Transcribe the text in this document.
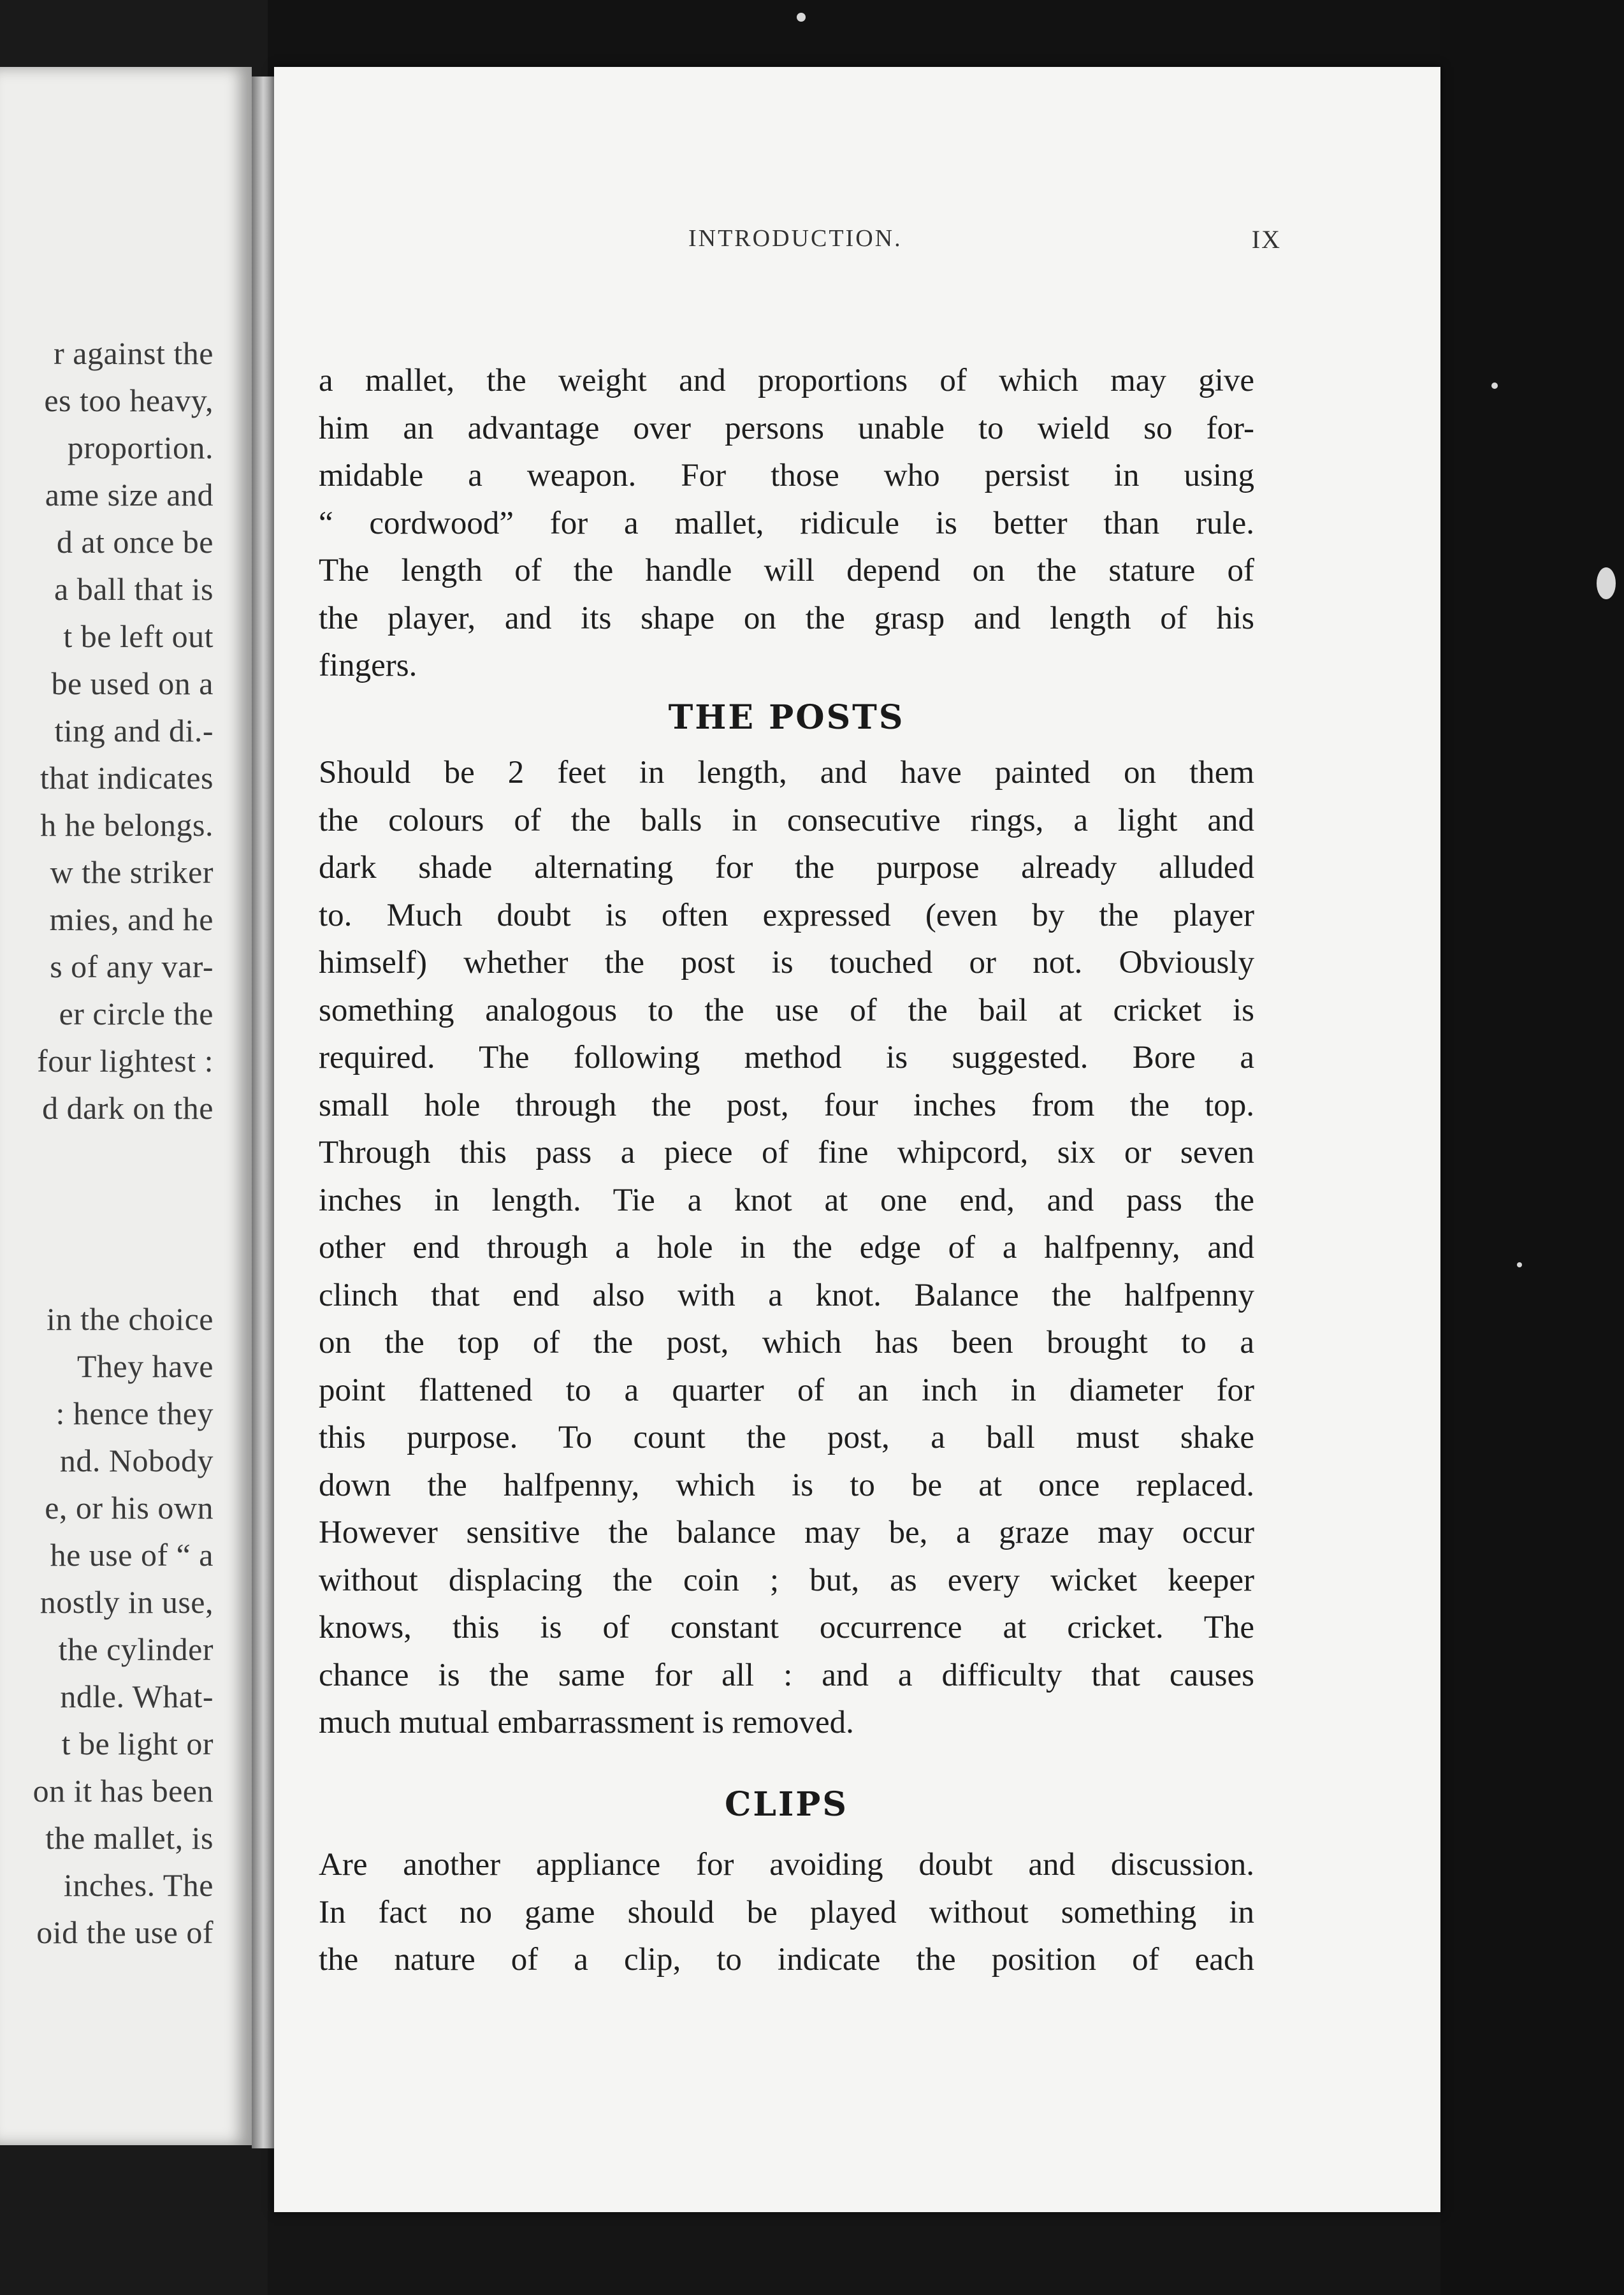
r against the
es too heavy,
proportion.
ame size and
d at once be
a ball that is
t be left out
be used on a
ting and di.-
that indicates
h he belongs.
w the striker
mies, and he
s of any var-
er circle the
four lightest :
d dark on the
in the choice
They have
: hence they
nd. Nobody
e, or his own
he use of “ a
nostly in use,
the cylinder
ndle. What-
t be light or
on it has been
the mallet, is
inches. The
oid the use of
INTRODUCTION.	IX
a mallet, the weight and proportions of which may give
him an advantage over persons unable to wield so for-
midable a weapon. For those who persist in using
“ cordwood” for a mallet, ridicule is better than rule.
The length of the handle will depend on the stature of
the player, and its shape on the grasp and length of his
fingers.
THE POSTS
Should be 2 feet in length, and have painted on them
the colours of the balls in consecutive rings, a light and
dark shade alternating for the purpose already alluded
to. Much doubt is often expressed (even by the player
himself) whether the post is touched or not. Obviously
something analogous to the use of the bail at cricket is
required. The following method is suggested. Bore a
small hole through the post, four inches from the top.
Through this pass a piece of fine whipcord, six or seven
inches in length. Tie a knot at one end, and pass the
other end through a hole in the edge of a halfpenny, and
clinch that end also with a knot. Balance the halfpenny
on the top of the post, which has been brought to a
point flattened to a quarter of an inch in diameter for
this purpose. To count the post, a ball must shake
down the halfpenny, which is to be at once replaced.
However sensitive the balance may be, a graze may occur
without displacing the coin ; but, as every wicket keeper
knows, this is of constant occurrence at cricket. The
chance is the same for all : and a difficulty that causes
much mutual embarrassment is removed.
CLIPS
Are another appliance for avoiding doubt and discussion.
In fact no game should be played without something in
the nature of a clip, to indicate the position of each
